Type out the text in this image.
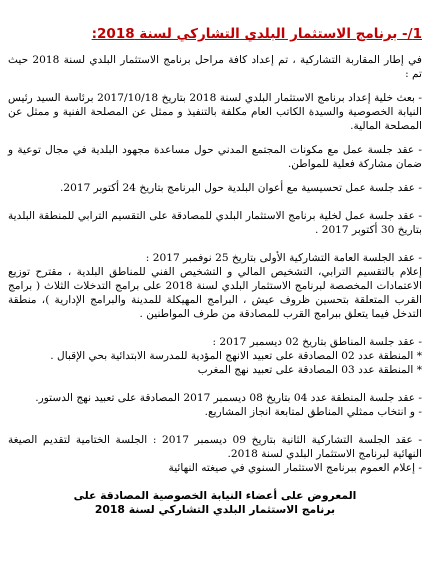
1/- برنامج الاستثمار البلدي التشاركي لسنة 2018:

في إطار المقاربة التشاركية ، تم إعداد كافة مراحل برنامج الاستثمار البلدي لسنة 2018 حيث تم :

- بعث خلية إعداد برنامج الاستثمار البلدي لسنة 2018 بتاريخ 2017/10/18 برئاسة السيد رئيس النيابة الخصوصية والسيدة الكاتب العام مكلفة بالتنفيذ و ممثل عن المصلحة الفنية و ممثل عن المصلحة المالية.

- عقد جلسة عمل مع مكونات المجتمع المدني حول مساعدة مجهود البلدية في مجال توعية و ضمان مشاركة فعلية للمواطن.

- عقد جلسة عمل تحسيسية مع أعوان البلدية حول البرنامج بتاريخ 24 أكتوبر 2017.

- عقد جلسة عمل لخلية برنامج الاستثمار البلدي للمصادقة على التقسيم الترابي للمنطقة البلدية بتاريخ 30 أكتوبر 2017 .

- عقد الجلسة العامة التشاركية الأولى بتاريخ 25 نوفمبر 2017 :

إعلام بالتقسيم الترابي، التشخيص المالي و التشخيص الفني للمناطق البلدية ، مقترح توزيع الاعتمادات المخصصة لبرنامج الاستثمار البلدي لسنة 2018 على برامج التدخلات الثلاث ( برامج القرب المتعلقة بتحسين ظروف عيش ، البرامج المهيكلة للمدينة والبرامج الإدارية )، منطقة التدخل فيما يتعلق ببرامج القرب للمصادقة من طرف المواطنين .

- عقد جلسة المناطق بتاريخ 02 ديسمبر 2017 :

* المنطقة عدد 02 المصادقة على تعبيد الانهج المؤدية للمدرسة الابتدائية بحي الإقبال .

* المنطقة عدد 03 المصادقة على تعبيد نهج المغرب

- عقد جلسة المنطقة عدد 04 بتاريخ 08 ديسمبر 2017 المصادقة على تعبيد نهج الدستور.

- و انتخاب ممثلي المناطق لمتابعة انجاز المشاريع.

- عقد الجلسة التشاركية الثانية بتاريخ 09 ديسمبر 2017 : الجلسة الختامية لتقديم الصيغة النهائية لبرنامج الاستثمار البلدي لسنة 2018.

- إعلام العموم ببرنامج الاستثمار السنوي في صيغته النهائية

المعروض على أعضاء النيابة الخصوصية المصادقة على
برنامج الاستثمار البلدي التشاركي لسنة 2018
